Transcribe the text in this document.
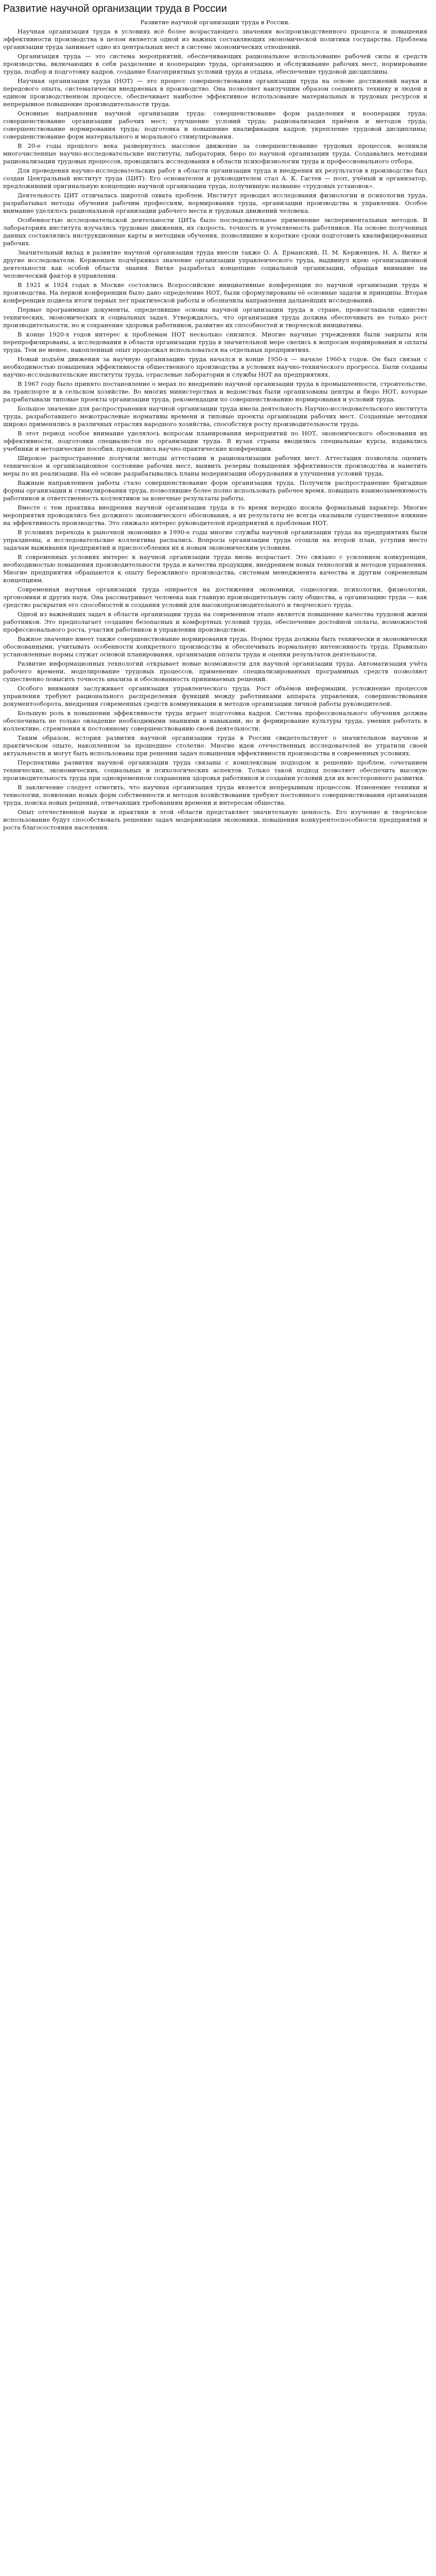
Развитие научной организации труда в России

Развитие научной организации труда в России.

Научная организация труда в условиях всё более возрастающего значения воспроизводственного процесса и повышения эффективности производства в целом является одной из важных составляющих экономической политики государства. Проблема организации труда занимает одно из центральных мест в системе экономических отношений.

Организация труда — это система мероприятий, обеспечивающих рациональное использование рабочей силы и средств производства, включающих в себя разделение и кооперацию труда, организацию и обслуживание рабочих мест, нормирование труда, подбор и подготовку кадров, создание благоприятных условий труда и отдыха, обеспечение трудовой дисциплины.

Научная организация труда (НОТ) — это процесс совершенствования организации труда на основе достижений науки и передового опыта, систематически внедряемых в производство. Она позволяет наилучшим образом соединять технику и людей в едином производственном процессе, обеспечивает наиболее эффективное использование материальных и трудовых ресурсов и непрерывное повышение производительности труда.

Основные направления научной организации труда: совершенствование форм разделения и кооперации труда; совершенствование организации рабочих мест; улучшение условий труда; рационализация приёмов и методов труда; совершенствование нормирования труда; подготовка и повышение квалификации кадров; укрепление трудовой дисциплины; совершенствование форм материального и морального стимулирования.

В 20-е годы прошлого века развернулось массовое движение за совершенствование трудовых процессов, возникли многочисленные научно-исследовательские институты, лаборатории, бюро по научной организации труда. Создавались методики рационализации трудовых процессов, проводились исследования в области психофизиологии труда и профессионального отбора.

Для проведения научно-исследовательских работ в области организации труда и внедрения их результатов в производство был создан Центральный институт труда (ЦИТ). Его основателем и руководителем стал А. К. Гастев — поэт, учёный и организатор, предложивший оригинальную концепцию научной организации труда, получившую название «трудовых установок».

Деятельность ЦИТ отличалась широтой охвата проблем. Институт проводил исследования физиологии и психологии труда, разрабатывал методы обучения рабочим профессиям, нормирования труда, организации производства и управления. Особое внимание уделялось рациональной организации рабочего места и трудовых движений человека.

Особенностью исследовательской деятельности ЦИТа было последовательное применение экспериментальных методов. В лабораториях института изучались трудовые движения, их скорость, точность и утомляемость работников. На основе полученных данных составлялись инструкционные карты и методики обучения, позволявшие в короткие сроки подготовить квалифицированных рабочих.

Значительный вклад в развитие научной организации труда внесли также О. А. Ерманский, П. М. Керженцев, Н. А. Витке и другие исследователи. Керженцев подчёркивал значение организации управленческого труда, выдвинул идею организационной деятельности как особой области знания. Витке разработал концепцию социальной организации, обращая внимание на человеческий фактор в управлении.

В 1921 и 1924 годах в Москве состоялись Всероссийские инициативные конференции по научной организации труда и производства. На первой конференции было дано определение НОТ, были сформулированы её основные задачи и принципы. Вторая конференция подвела итоги первых лет практической работы и обозначила направления дальнейших исследований.

Первые программные документы, определившие основы научной организации труда в стране, провозглашали единство технических, экономических и социальных задач. Утверждалось, что организация труда должна обеспечивать не только рост производительности, но и сохранение здоровья работников, развитие их способностей и творческой инициативы.

В конце 1920-х годов интерес к проблемам НОТ несколько снизился. Многие научные учреждения были закрыты или перепрофилированы, а исследования в области организации труда в значительной мере свелись к вопросам нормирования и оплаты труда. Тем не менее, накопленный опыт продолжал использоваться на отдельных предприятиях.

Новый подъём движения за научную организацию труда начался в конце 1950-х — начале 1960-х годов. Он был связан с необходимостью повышения эффективности общественного производства в условиях научно-технического прогресса. Были созданы научно-исследовательские институты труда, отраслевые лаборатории и службы НОТ на предприятиях.

В 1967 году было принято постановление о мерах по внедрению научной организации труда в промышленности, строительстве, на транспорте и в сельском хозяйстве. Во многих министерствах и ведомствах были организованы центры и бюро НОТ, которые разрабатывали типовые проекты организации труда, рекомендации по совершенствованию нормирования и условий труда.

Большое значение для распространения научной организации труда имела деятельность Научно-исследовательского института труда, разработавшего межотраслевые нормативы времени и типовые проекты организации рабочих мест. Созданные методики широко применялись в различных отраслях народного хозяйства, способствуя росту производительности труда.

В этот период особое внимание уделялось вопросам планирования мероприятий по НОТ, экономического обоснования их эффективности, подготовки специалистов по организации труда. В вузах страны вводились специальные курсы, издавались учебники и методические пособия, проводились научно-практические конференции.

Широкое распространение получили методы аттестации и рационализации рабочих мест. Аттестация позволяла оценить техническое и организационное состояние рабочих мест, выявить резервы повышения эффективности производства и наметить меры по их реализации. На её основе разрабатывались планы модернизации оборудования и улучшения условий труда.

Важным направлением работы стало совершенствование форм организации труда. Получили распространение бригадные формы организации и стимулирования труда, позволявшие более полно использовать рабочее время, повышать взаимозаменяемость работников и ответственность коллективов за конечные результаты работы.

Вместе с тем практика внедрения научной организации труда в то время нередко носила формальный характер. Многие мероприятия проводились без должного экономического обоснования, а их результаты не всегда оказывали существенное влияние на эффективность производства. Это снижало интерес руководителей предприятий к проблемам НОТ.

В условиях перехода к рыночной экономике в 1990-е годы многие службы научной организации труда на предприятиях были упразднены, а исследовательские коллективы распались. Вопросы организации труда отошли на второй план, уступив место задачам выживания предприятий и приспособления их к новым экономическим условиям.

В современных условиях интерес к научной организации труда вновь возрастает. Это связано с усилением конкуренции, необходимостью повышения производительности труда и качества продукции, внедрением новых технологий и методов управления. Многие предприятия обращаются к опыту бережливого производства, системам менеджмента качества и другим современным концепциям.

Современная научная организация труда опирается на достижения экономики, социологии, психологии, физиологии, эргономики и других наук. Она рассматривает человека как главную производительную силу общества, а организацию труда — как средство раскрытия его способностей и создания условий для высокопроизводительного и творческого труда.

Одной из важнейших задач в области организации труда на современном этапе является повышение качества трудовой жизни работников. Это предполагает создание безопасных и комфортных условий труда, обеспечение достойной оплаты, возможностей профессионального роста, участия работников в управлении производством.

Важное значение имеет также совершенствование нормирования труда. Нормы труда должны быть технически и экономически обоснованными, учитывать особенности конкретного производства и обеспечивать нормальную интенсивность труда. Правильно установленные нормы служат основой планирования, организации оплаты труда и оценки результатов деятельности.

Развитие информационных технологий открывает новые возможности для научной организации труда. Автоматизация учёта рабочего времени, моделирование трудовых процессов, применение специализированных программных средств позволяют существенно повысить точность анализа и обоснованность принимаемых решений.

Особого внимания заслуживает организация управленческого труда. Рост объёмов информации, усложнение процессов управления требуют рационального распределения функций между работниками аппарата управления, совершенствования документооборота, внедрения современных средств коммуникации и методов организации личной работы руководителей.

Большую роль в повышении эффективности труда играет подготовка кадров. Система профессионального обучения должна обеспечивать не только овладение необходимыми знаниями и навыками, но и формирование культуры труда, умения работать в коллективе, стремления к постоянному совершенствованию своей деятельности.

Таким образом, история развития научной организации труда в России свидетельствует о значительном научном и практическом опыте, накопленном за прошедшее столетие. Многие идеи отечественных исследователей не утратили своей актуальности и могут быть использованы при решении задач повышения эффективности производства в современных условиях.

Перспективы развития научной организации труда связаны с комплексным подходом к решению проблем, сочетанием технических, экономических, социальных и психологических аспектов. Только такой подход позволяет обеспечить высокую производительность труда при одновременном сохранении здоровья работников и создании условий для их всестороннего развития.

В заключение следует отметить, что научная организация труда является непрерывным процессом. Изменение техники и технологии, появление новых форм собственности и методов хозяйствования требуют постоянного совершенствования организации труда, поиска новых решений, отвечающих требованиям времени и интересам общества.

Опыт отечественной науки и практики в этой области представляет значительную ценность. Его изучение и творческое использование будут способствовать решению задач модернизации экономики, повышения конкурентоспособности предприятий и роста благосостояния населения.
